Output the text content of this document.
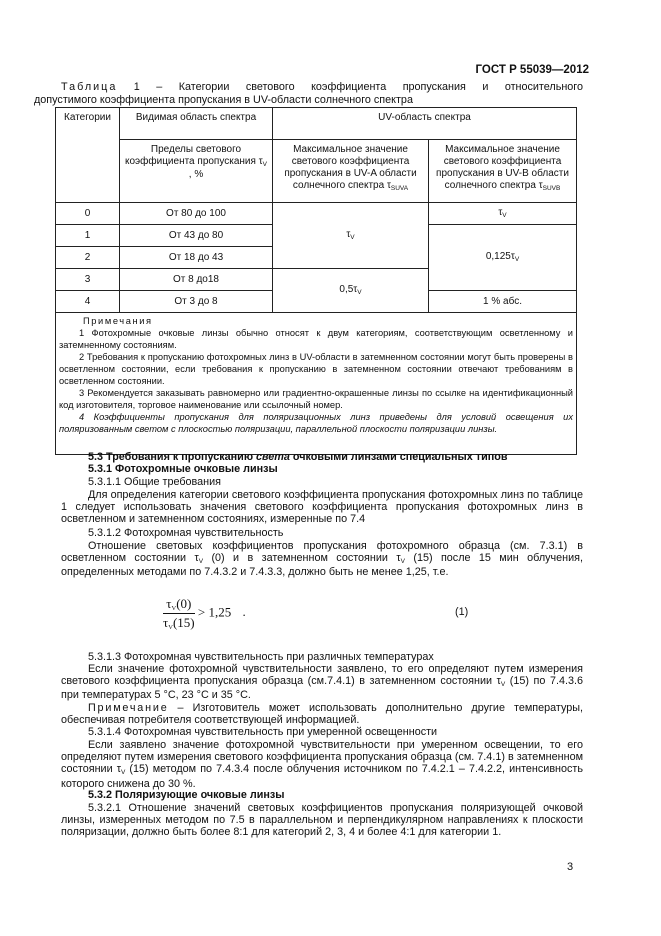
ГОСТ Р 55039—2012
Таблица 1 – Категории светового коэффициента пропускания и относительного
допустимого коэффициента пропускания в UV-области солнечного спектра
Категории	Видимая область спектра	UV-область спектра	
	Пределы светового коэффициента пропускания $\tau_V$
, %	Максимальное значение светового коэффициента пропускания в UV-A области солнечного спектра $\tau_{SUVA}$	Максимальное значение светового коэффициента пропускания в UV-B области солнечного спектра $\tau_{SUVB}$
0	От 80 до 100	$\tau_V$	$\tau_V$
1	От 43 до 80		$0,125\tau_V$
2	От 18 до 43		
3	От 8 до18	$0,5\tau_V$
4	От 3 до 8		1 % абс.

Примечания

1 Фотохромные очковые линзы обычно относят к двум категориям, соответствующим осветленному и затемненному состояниям.

2 Требования к пропусканию фотохромных линз в UV-области в затемненном состоянии могут быть проверены в осветленном состоянии, если требования к пропусканию в затемненном состоянии отвечают требованиям в осветленном состоянии.

3 Рекомендуется заказывать равномерно или градиентно-окрашенные линзы по ссылке на идентификационный код изготовителя, торговое наименование или ссылочный номер.

4 Коэффициенты пропускания для поляризационных линз приведены для условий освещения их поляризованным светом с плоскостью поляризации, параллельной плоскости поляризации линзы.			

5.3 Требования к пропусканию света очковыми линзами специальных типов
5.3.1 Фотохромные очковые линзы
5.3.1.1 Общие требования

Для определения категории светового коэффициента пропускания фотохромных линз по таблице 1 следует использовать значения светового коэффициента пропускания фотохромных линз в осветленном и затемненном состояниях, измеренные по 7.4

5.3.1.2 Фотохромная чувствительность

Отношение световых коэффициентов пропускания фотохромного образца (см. 7.3.1) в осветленном состоянии $\tau_V$ (0) и в затемненном состоянии $\tau_V$ (15) после 15 мин облучения, определенных методами по 7.4.3.2 и 7.4.3.3, должно быть не менее 1,25, т.е.

$\frac{\tau_V(0)}{\tau_V(15)} > 1,25$ .	(1)
5.3.1.3 Фотохромная чувствительность при различных температурах

Если значение фотохромной чувствительности заявлено, то его определяют путем измерения светового коэффициента пропускания образца (см.7.4.1) в затемненном состоянии $\tau_V$ (15) по 7.4.3.6 при температурах 5 °C, 23 °C и 35 °C.

Примечание – Изготовитель может использовать дополнительно другие температуры, обеспечивая потребителя соответствующей информацией.

5.3.1.4 Фотохромная чувствительность при умеренной освещенности

Если заявлено значение фотохромной чувствительности при умеренном освещении, то его определяют путем измерения светового коэффициента пропускания образца (см. 7.4.1) в затемненном состоянии $\tau_V$ (15) методом по 7.4.3.4 после облучения источником по 7.4.2.1 – 7.4.2.2, интенсивность которого снижена до 30 %.

5.3.2 Поляризующие очковые линзы

5.3.2.1 Отношение значений световых коэффициентов пропускания поляризующей очковой линзы, измеренных методом по 7.5 в параллельном и перпендикулярном направлениях к плоскости поляризации, должно быть более 8:1 для категорий 2, 3, 4 и более 4:1 для категории 1.

3
